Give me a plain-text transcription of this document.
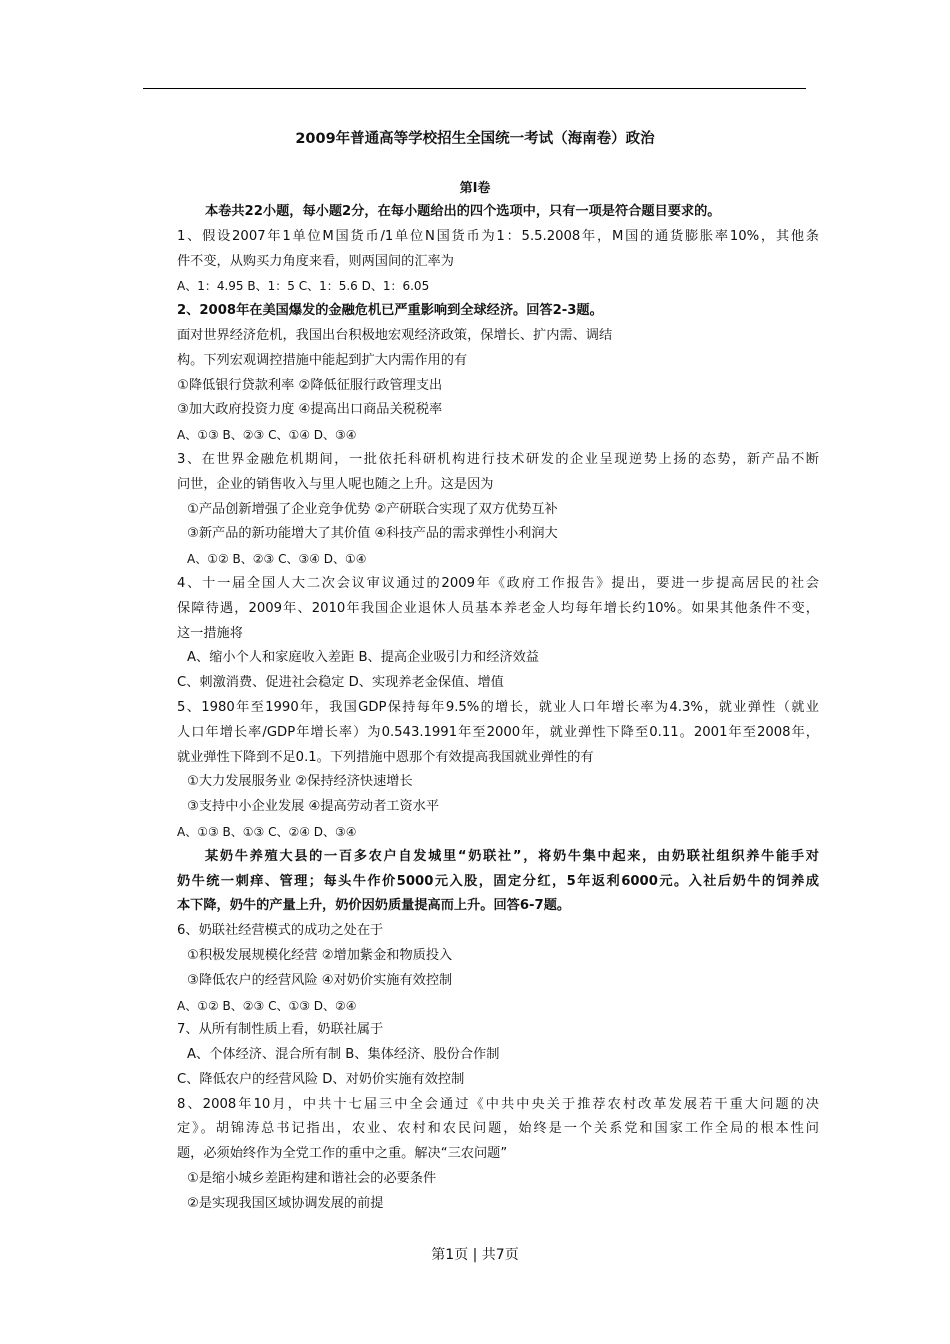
2009年普通高等学校招生全国统一考试（海南卷）政治
第I卷
本卷共22小题，每小题2分，在每小题给出的四个选项中，只有一项是符合题目要求的。
1、假设2007年1单位M国货币/1单位N国货币为1：5.5.2008年，M国的通货膨胀率10%，其他条
件不变，从购买力角度来看，则两国间的汇率为
A、1：4.95 B、1：5 C、1：5.6 D、1：6.05
2、2008年在美国爆发的金融危机已严重影响到全球经济。回答2-3题。
面对世界经济危机，我国出台积极地宏观经济政策，保增长、扩内需、调结
构。下列宏观调控措施中能起到扩大内需作用的有
①降低银行贷款利率 ②降低征服行政管理支出
③加大政府投资力度 ④提高出口商品关税税率
A、①③ B、②③ C、①④ D、③④
3、在世界金融危机期间，一批依托科研机构进行技术研发的企业呈现逆势上扬的态势，新产品不断
问世，企业的销售收入与里人呢也随之上升。这是因为
①产品创新增强了企业竞争优势 ②产研联合实现了双方优势互补
③新产品的新功能增大了其价值 ④科技产品的需求弹性小利润大
A、①② B、②③ C、③④ D、①④
4、十一届全国人大二次会议审议通过的2009年《政府工作报告》提出，要进一步提高居民的社会
保障待遇，2009年、2010年我国企业退休人员基本养老金人均每年增长约10%。如果其他条件不变，
这一措施将
A、缩小个人和家庭收入差距 B、提高企业吸引力和经济效益
C、刺激消费、促进社会稳定 D、实现养老金保值、增值
5、1980年至1990年，我国GDP保持每年9.5%的增长，就业人口年增长率为4.3%，就业弹性（就业
人口年增长率/GDP年增长率）为0.543.1991年至2000年，就业弹性下降至0.11。2001年至2008年，
就业弹性下降到不足0.1。下列措施中恩那个有效提高我国就业弹性的有
①大力发展服务业 ②保持经济快速增长
③支持中小企业发展 ④提高劳动者工资水平
A、①③ B、①③ C、②④ D、③④
某奶牛养殖大县的一百多农户自发城里“奶联社”，将奶牛集中起来，由奶联社组织养牛能手对
奶牛统一刺痒、管理；每头牛作价5000元入股，固定分红，5年返利6000元。入社后奶牛的饲养成
本下降，奶牛的产量上升，奶价因奶质量提高而上升。回答6-7题。
6、奶联社经营模式的成功之处在于
①积极发展规模化经营 ②增加紫金和物质投入
③降低农户的经营风险 ④对奶价实施有效控制
A、①② B、②③ C、①③ D、②④
7、从所有制性质上看，奶联社属于
A、个体经济、混合所有制 B、集体经济、股份合作制
C、降低农户的经营风险 D、对奶价实施有效控制
8、2008年10月，中共十七届三中全会通过《中共中央关于推荐农村改革发展若干重大问题的决
定》。胡锦涛总书记指出，农业、农村和农民问题，始终是一个关系党和国家工作全局的根本性问
题，必须始终作为全党工作的重中之重。解决“三农问题”
①是缩小城乡差距构建和谐社会的必要条件
②是实现我国区域协调发展的前提
第1页 | 共7页
